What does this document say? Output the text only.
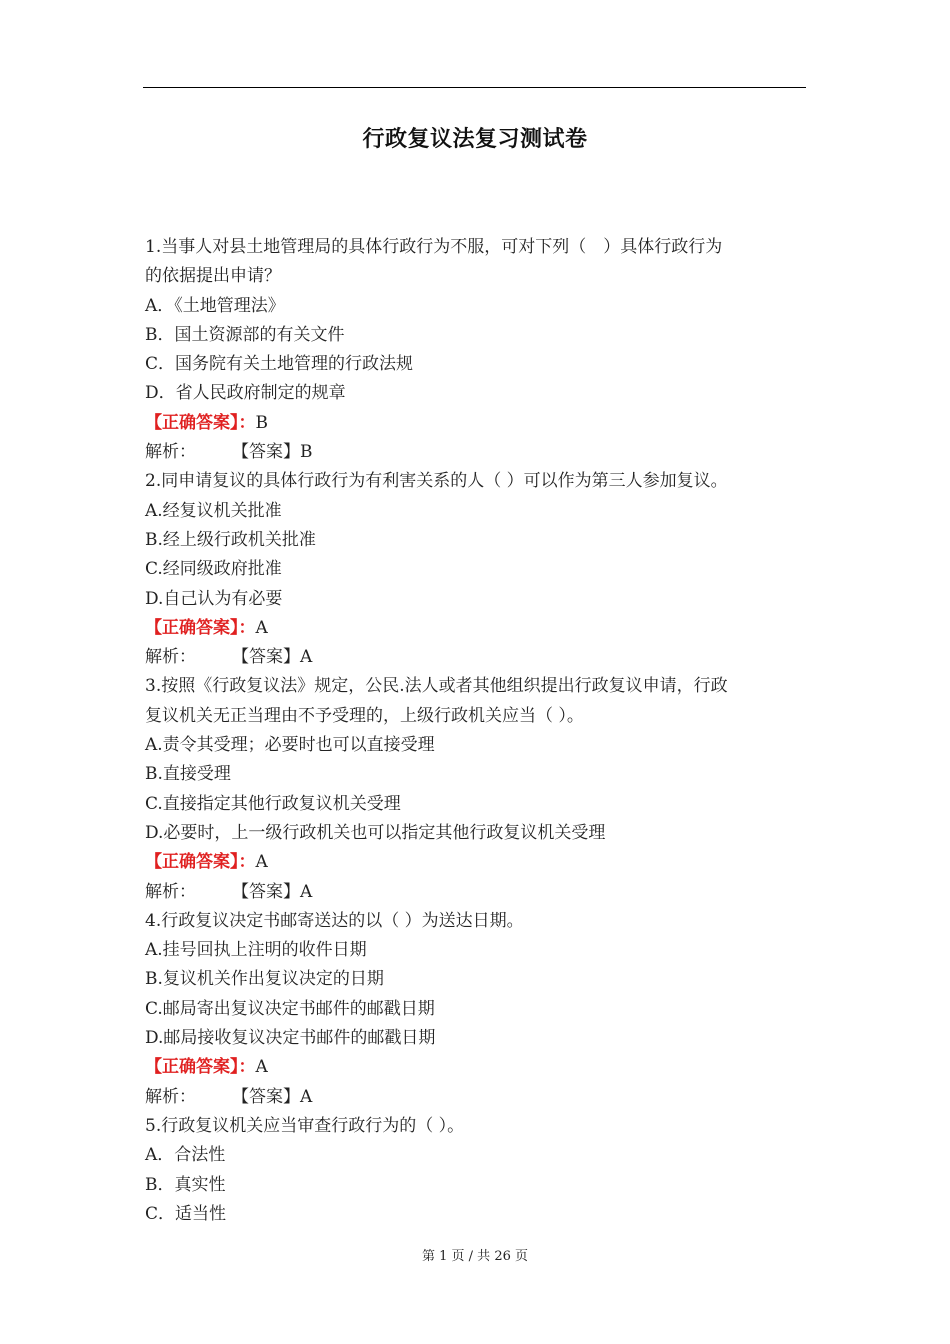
行政复议法复习测试卷
1.当事人对县土地管理局的具体行政行为不服，可对下列（　）具体行政行为
的依据提出申请？
A．《土地管理法》
B．国土资源部的有关文件
C．国务院有关土地管理的行政法规
D．省人民政府制定的规章
【正确答案】：B
解析： 【答案】B
2.同申请复议的具体行政行为有利害关系的人（ ）可以作为第三人参加复议。
A.经复议机关批准
B.经上级行政机关批准
C.经同级政府批准
D.自己认为有必要
【正确答案】：A
解析： 【答案】A
3.按照《行政复议法》规定，公民.法人或者其他组织提出行政复议申请，行政
复议机关无正当理由不予受理的，上级行政机关应当（ ）。
A.责令其受理；必要时也可以直接受理
B.直接受理
C.直接指定其他行政复议机关受理
D.必要时，上一级行政机关也可以指定其他行政复议机关受理
【正确答案】：A
解析： 【答案】A
4.行政复议决定书邮寄送达的以（ ）为送达日期。
A.挂号回执上注明的收件日期
B.复议机关作出复议决定的日期
C.邮局寄出复议决定书邮件的邮戳日期
D.邮局接收复议决定书邮件的邮戳日期
【正确答案】：A
解析： 【答案】A
5.行政复议机关应当审查行政行为的（ ）。
A．合法性
B．真实性
C．适当性
第 1 页 / 共 26 页
